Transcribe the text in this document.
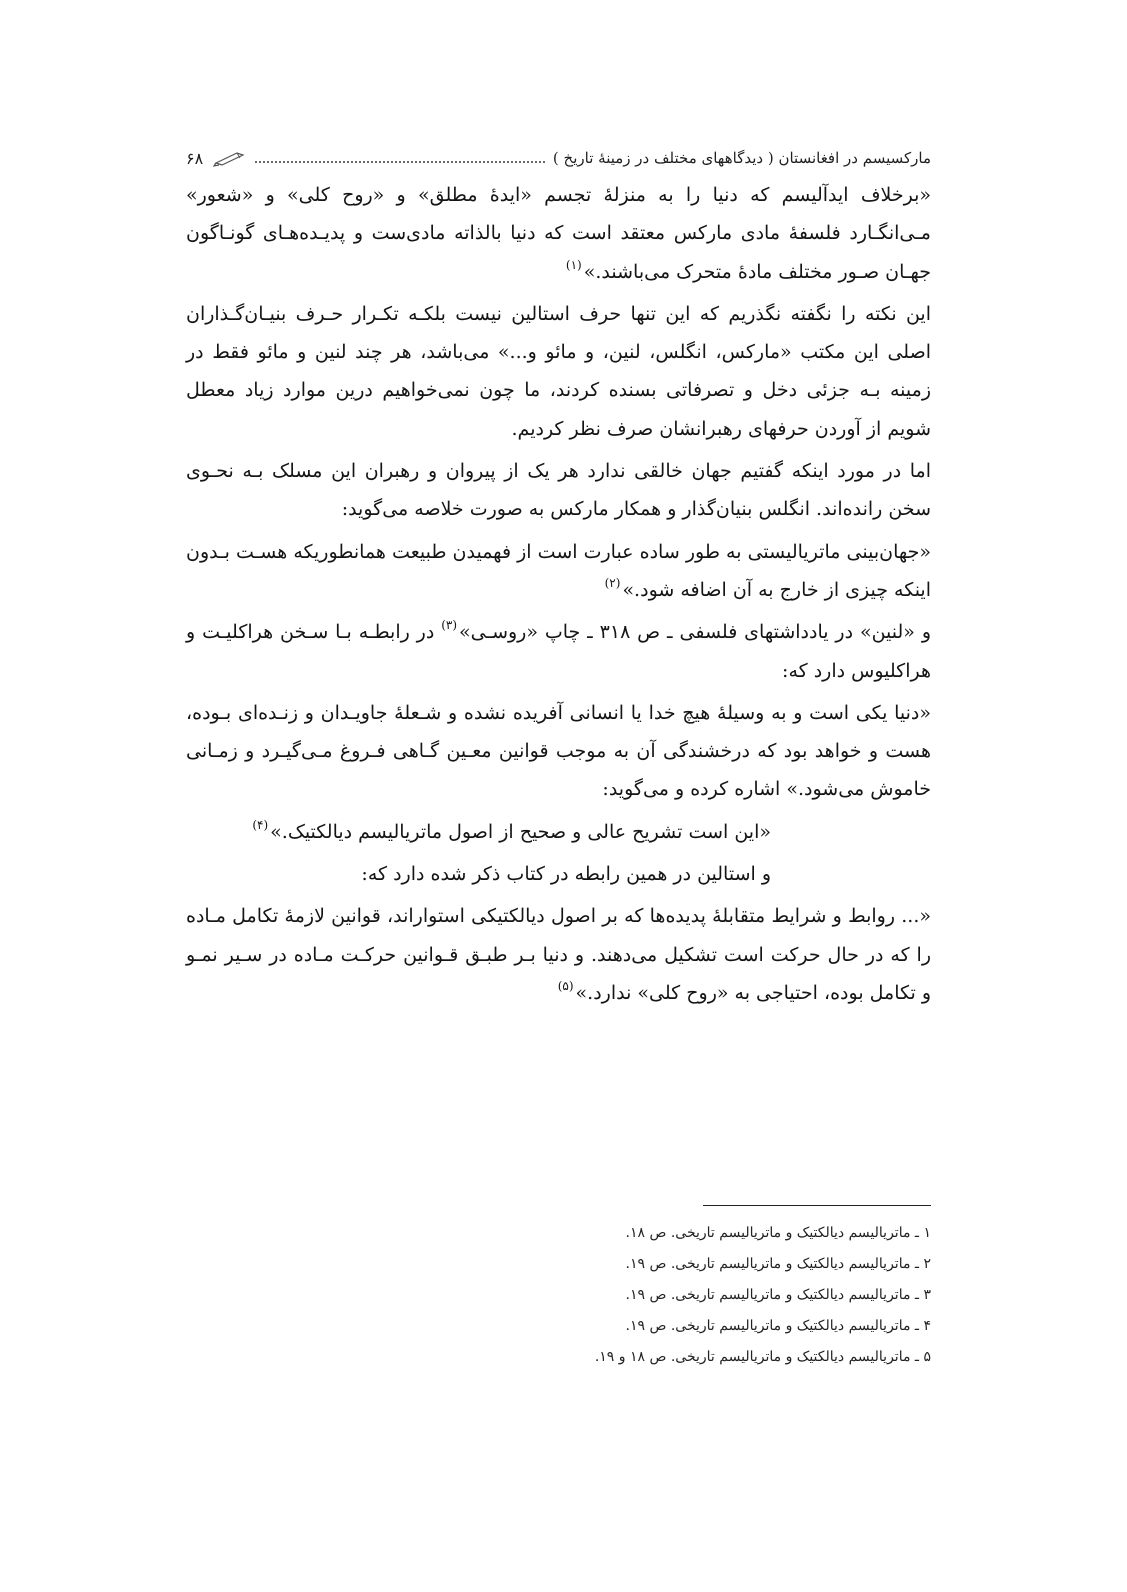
مارکسیسم در افغانستان ( دیدگاههای مختلف در زمینهٔ تاریخ )
۶۸

«برخلاف ایدآلیسم که دنیا را به منزلهٔ تجسم «ایدهٔ مطلق» و «روح کلی» و «شعور» مـی‌انگـارد فلسفهٔ مادی مارکس معتقد است که دنیا بالذاته مادی‌ست و پدیـده‌هـای گونـاگون جهـان صـور مختلف مادهٔ متحرک می‌باشند.»$^{(۱)}$

این نکته را نگفته نگذریم که این تنها حرف استالین نیست بلکـه تکـرار حـرف بنیـان‌گـذاران اصلی این مکتب «مارکس، انگلس، لنین، و مائو و...» می‌باشد، هر چند لنین و مائو فقط در زمینه بـه جزئی دخل و تصرفاتی بسنده کردند، ما چون نمی‌خواهیم درین موارد زیاد معطل شویم از آوردن حرفهای رهبرانشان صرف نظر کردیم.

اما در مورد اینکه گفتیم جهان خالقی ندارد هر یک از پیروان و رهبران این مسلک بـه نحـوی سخن رانده‌اند. انگلس بنیان‌گذار و همکار مارکس به صورت خلاصه می‌گوید:

«جهان‌بینی ماتریالیستی به طور ساده عبارت است از فهمیدن طبیعت همانطوریکه هسـت بـدون اینکه چیزی از خارج به آن اضافه شود.»$^{(۲)}$

و «لنین» در یادداشتهای فلسفی ـ ص ۳۱۸ ـ چاپ «روسـی»$^{(۳)}$ در رابطـه بـا سـخن هراکلیـت و هراکلیوس دارد که:

«دنیا یکی است و به وسیلهٔ هیچ خدا یا انسانی آفریده نشده و شـعلهٔ جاویـدان و زنـده‌ای بـوده، هست و خواهد بود که درخشندگی آن به موجب قوانین معـین گـاهی فـروغ مـی‌گیـرد و زمـانی خاموش می‌شود.» اشاره کرده و می‌گوید:

«این است تشریح عالی و صحیح از اصول ماتریالیسم دیالکتیک.»$^{(۴)}$

و استالین در همین رابطه در کتاب ذکر شده دارد که:

«... روابط و شرایط متقابلهٔ پدیده‌ها که بر اصول دیالکتیکی استواراند، قوانین لازمهٔ تکامل مـاده را که در حال حرکت است تشکیل می‌دهند. و دنیا بـر طبـق قـوانین حرکـت مـاده در سـیر نمـو و تکامل بوده، احتیاجی به «روح کلی» ندارد.»$^{(۵)}$

۱ ـ ماتریالیسم دیالکتیک و ماتریالیسم تاریخی. ص ۱۸.

۲ ـ ماتریالیسم دیالکتیک و ماتریالیسم تاریخی. ص ۱۹.

۳ ـ ماتریالیسم دیالکتیک و ماتریالیسم تاریخی. ص ۱۹.

۴ ـ ماتریالیسم دیالکتیک و ماتریالیسم تاریخی. ص ۱۹.

۵ ـ ماتریالیسم دیالکتیک و ماتریالیسم تاریخی. ص ۱۸ و ۱۹.
